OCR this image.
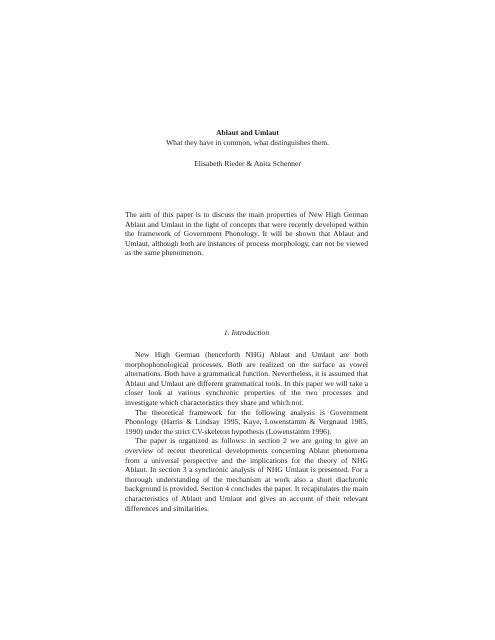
Ablaut and Umlaut
What they have in common, what distinguishes them.
Elisabeth Rieder & Anita Schenner

The aim of this paper is to discuss the main properties of New High German Ablaut and Umlaut in the light of concepts that were recently developed within the framework of Government Phonology. It will be shown that Ablaut and Umlaut, although both are instances of process morphology, can not be viewed as the same phenomenon.

1. Introduction

New High German (henceforth NHG) Ablaut and Umlaut are both morphophonological processes. Both are realized on the surface as vowel alternations. Both have a grammatical function. Nevertheless, it is assumed that Ablaut and Umlaut are different grammatical tools. In this paper we will take a closer look at various synchronic properties of the two processes and investigate which characteristics they share and which not.

The theoretical framework for the following analysis is Government Phonology (Harris & Lindsay 1995, Kaye, Lowenstamm & Vergnaud 1985, 1990) under the strict CV-skeleton hypothesis (Lowenstamm 1996).

The paper is organized as follows: in section 2 we are going to give an overview of recent theoretical developments concerning Ablaut phenomena from a universal perspective and the implications for the theory of NHG Ablaut. In section 3 a synchronic analysis of NHG Umlaut is presented. For a thorough understanding of the mechanism at work also a short diachronic background is provided. Section 4 concludes the paper. It recapitulates the main characteristics of Ablaut and Umlaut and gives an account of their relevant differences and similarities.
